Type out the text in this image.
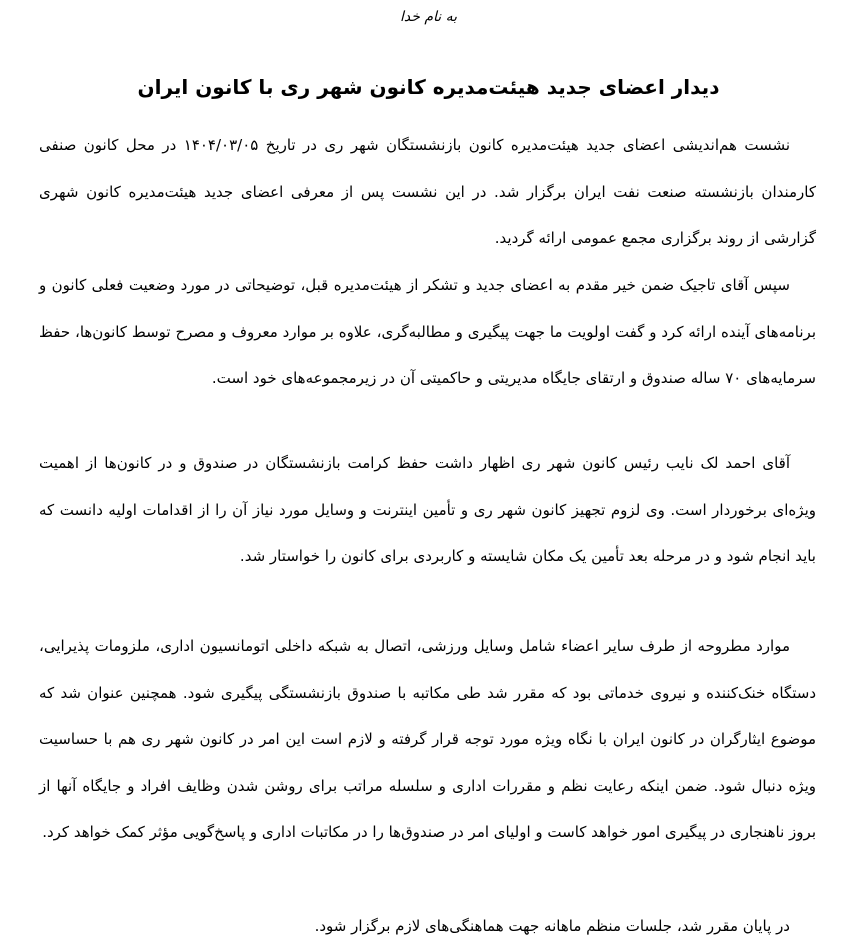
به نام خدا
دیدار اعضای جدید هیئت‌مدیره کانون شهر ری با کانون ایران

نشست هم‌اندیشی اعضای جدید هیئت‌مدیره کانون بازنشستگان شهر ری در تاریخ ۱۴۰۴/۰۳/۰۵ در محل کانون صنفی کارمندان بازنشسته صنعت نفت ایران برگزار شد. در این نشست پس از معرفی اعضای جدید هیئت‌مدیره کانون شهری گزارشی از روند برگزاری مجمع عمومی ارائه گردید.

سپس آقای تاجیک ضمن خیر مقدم به اعضای جدید و تشکر از هیئت‌مدیره قبل، توضیحاتی در مورد وضعیت فعلی کانون و برنامه‌های آینده ارائه کرد و گفت اولویت ما جهت پیگیری و مطالبه‌گری، علاوه بر موارد معروف و مصرح توسط کانون‌ها، حفظ سرمایه‌های ۷۰ ساله صندوق و ارتقای جایگاه مدیریتی و حاکمیتی آن در زیرمجموعه‌های خود است.

آقای احمد لک نایب رئیس کانون شهر ری اظهار داشت حفظ کرامت بازنشستگان در صندوق و در کانون‌ها از اهمیت ویژه‌ای برخوردار است. وی لزوم تجهیز کانون شهر ری و تأمین اینترنت و وسایل مورد نیاز آن را از اقدامات اولیه دانست که باید انجام شود و در مرحله بعد تأمین یک مکان شایسته و کاربردی برای کانون را خواستار شد.

موارد مطروحه از طرف سایر اعضاء شامل وسایل ورزشی، اتصال به شبکه داخلی اتومانسیون اداری، ملزومات پذیرایی، دستگاه خنک‌کننده و نیروی خدماتی بود که مقرر شد طی مکاتبه با صندوق بازنشستگی پیگیری شود. همچنین عنوان شد که موضوع ایثارگران در کانون ایران با نگاه ویژه مورد توجه قرار گرفته و لازم است این امر در کانون شهر ری هم با حساسیت ویژه دنبال شود. ضمن اینکه رعایت نظم و مقررات اداری و سلسله مراتب برای روشن شدن وظایف افراد و جایگاه آنها از بروز ناهنجاری در پیگیری امور خواهد کاست و اولیای امر در صندوق‌ها را در مکاتبات اداری و پاسخ‌گویی مؤثر کمک خواهد کرد.

در پایان مقرر شد، جلسات منظم ماهانه جهت هماهنگی‌های لازم برگزار شود.
